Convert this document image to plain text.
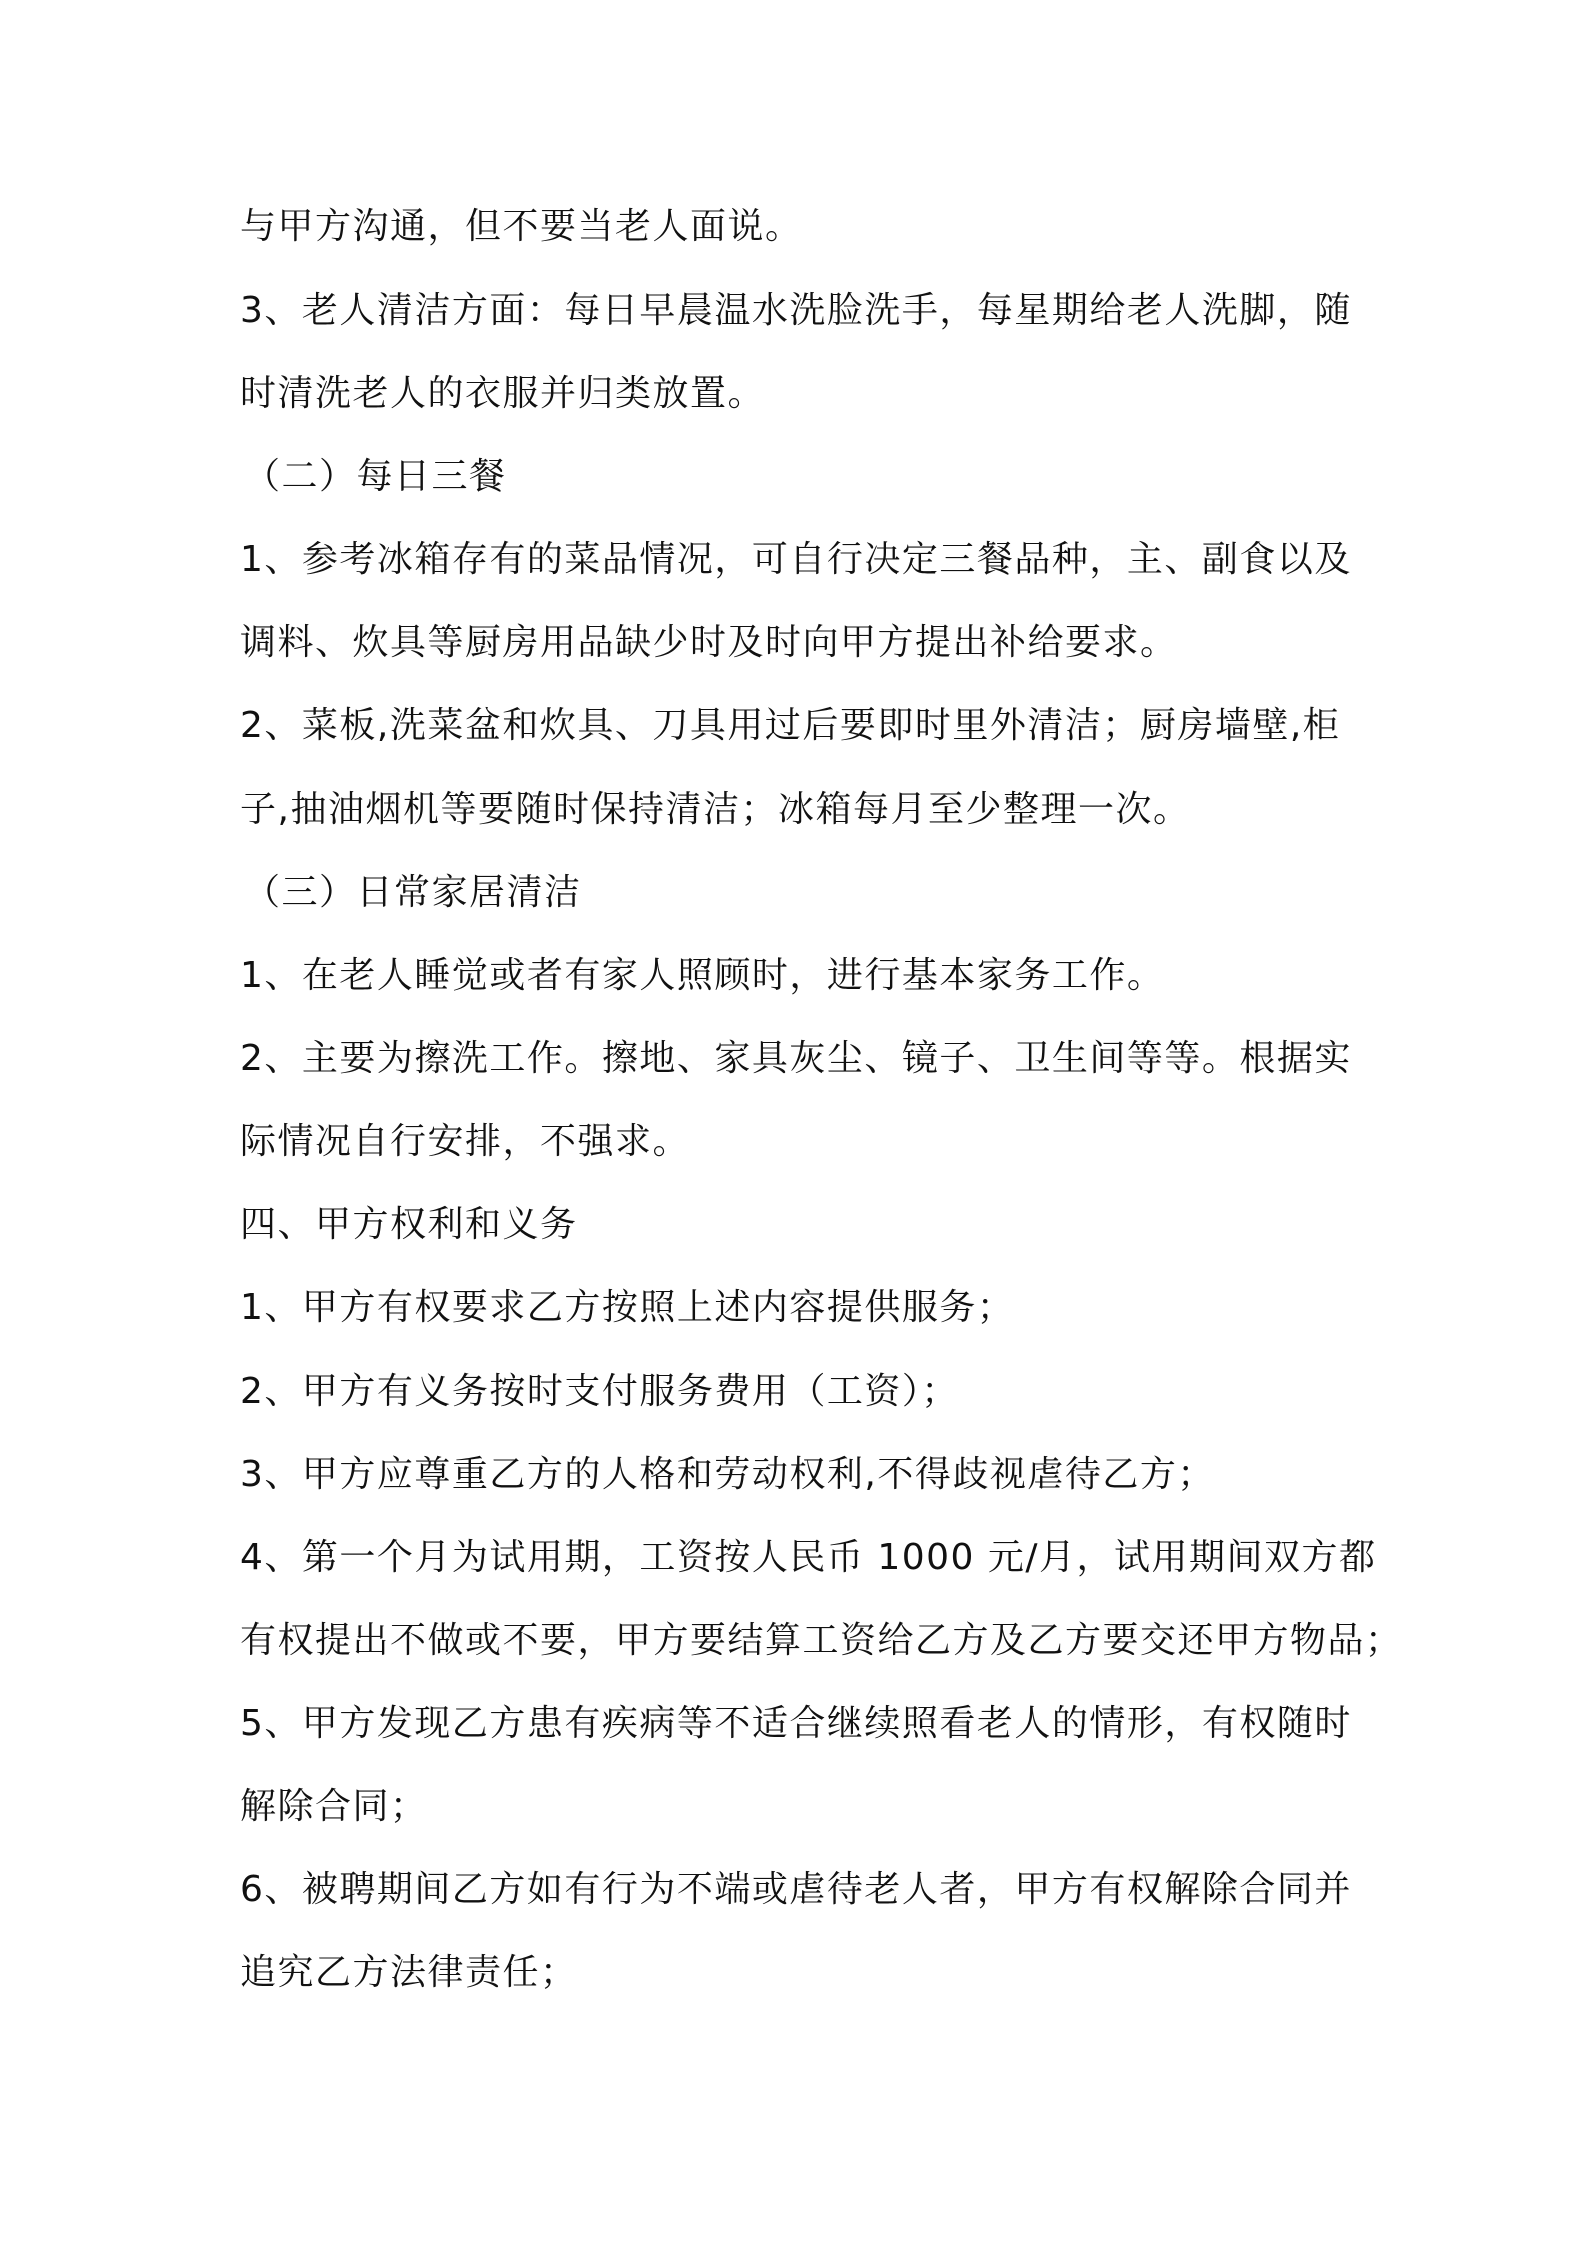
与甲方沟通，但不要当老人面说。
3、老人清洁方面：每日早晨温水洗脸洗手，每星期给老人洗脚，随
时清洗老人的衣服并归类放置。
（二）每日三餐
1、参考冰箱存有的菜品情况，可自行决定三餐品种，主、副食以及
调料、炊具等厨房用品缺少时及时向甲方提出补给要求。
2、菜板,洗菜盆和炊具、刀具用过后要即时里外清洁；厨房墙壁,柜
子,抽油烟机等要随时保持清洁；冰箱每月至少整理一次。
（三）日常家居清洁
1、在老人睡觉或者有家人照顾时，进行基本家务工作。
2、主要为擦洗工作。擦地、家具灰尘、镜子、卫生间等等。根据实
际情况自行安排，不强求。
四、甲方权利和义务
1、甲方有权要求乙方按照上述内容提供服务；
2、甲方有义务按时支付服务费用（工资）；
3、甲方应尊重乙方的人格和劳动权利,不得歧视虐待乙方；
4、第一个月为试用期，工资按人民币 1000 元/月，试用期间双方都
有权提出不做或不要，甲方要结算工资给乙方及乙方要交还甲方物品；
5、甲方发现乙方患有疾病等不适合继续照看老人的情形，有权随时
解除合同；
6、被聘期间乙方如有行为不端或虐待老人者，甲方有权解除合同并
追究乙方法律责任；
